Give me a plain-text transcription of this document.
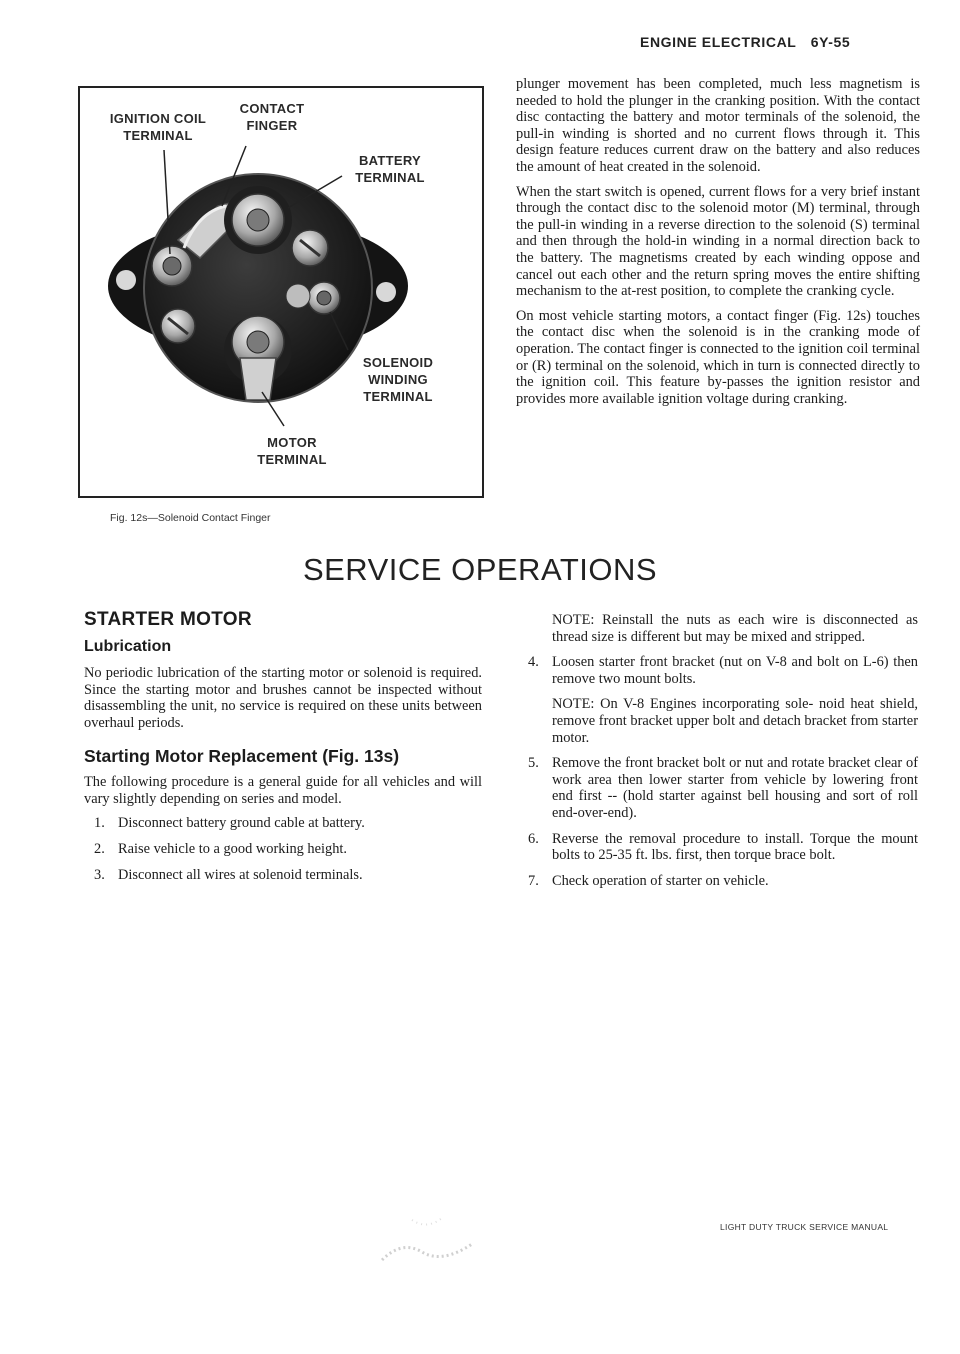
ENGINE ELECTRICAL 6Y-55
IGNITION COIL
TERMINAL
CONTACT
FINGER
BATTERY
TERMINAL
SOLENOID
WINDING
TERMINAL
MOTOR
TERMINAL
Fig. 12s—Solenoid Contact Finger

plunger movement has been completed, much less magnetism is needed to hold the plunger in the cranking position. With the contact disc contacting the battery and motor terminals of the solenoid, the pull-in winding is shorted and no current flows through it. This design feature reduces current draw on the battery and also reduces the amount of heat created in the solenoid.

When the start switch is opened, current flows for a very brief instant through the contact disc to the solenoid motor (M) terminal, through the pull-in winding in a reverse direction to the solenoid (S) terminal and then through the hold-in winding in a normal direction back to the battery. The magnetisms created by each winding oppose and cancel out each other and the return spring moves the entire shifting mechanism to the at-rest position, to complete the cranking cycle.

On most vehicle starting motors, a contact finger (Fig. 12s) touches the contact disc when the solenoid is in the cranking mode of operation. The contact finger is connected to the ignition coil terminal or (R) terminal on the solenoid, which in turn is connected directly to the ignition coil. This feature by-passes the ignition resistor and provides more available ignition voltage during cranking.

SERVICE OPERATIONS
STARTER MOTOR
Lubrication

No periodic lubrication of the starting motor or solenoid is required. Since the starting motor and brushes cannot be inspected without disassembling the unit, no service is required on these units between overhaul periods.

Starting Motor Replacement (Fig. 13s)

The following procedure is a general guide for all vehicles and will vary slightly depending on series and model.

1. Disconnect battery ground cable at battery.
2. Raise vehicle to a good working height.
3. Disconnect all wires at solenoid terminals.
NOTE: Reinstall the nuts as each wire is disconnected as thread size is different but may be mixed and stripped.
4. Loosen starter front bracket (nut on V-8 and bolt on L-6) then remove two mount bolts.
NOTE: On V-8 Engines incorporating sole- noid heat shield, remove front bracket upper bolt and detach bracket from starter motor.
5. Remove the front bracket bolt or nut and rotate bracket clear of work area then lower starter from vehicle by lowering front end first -- (hold starter against bell housing and sort of roll end-over-end).
6. Reverse the removal procedure to install. Torque the mount bolts to 25-35 ft. lbs. first, then torque brace bolt.
7. Check operation of starter on vehicle.
LIGHT DUTY TRUCK SERVICE MANUAL
